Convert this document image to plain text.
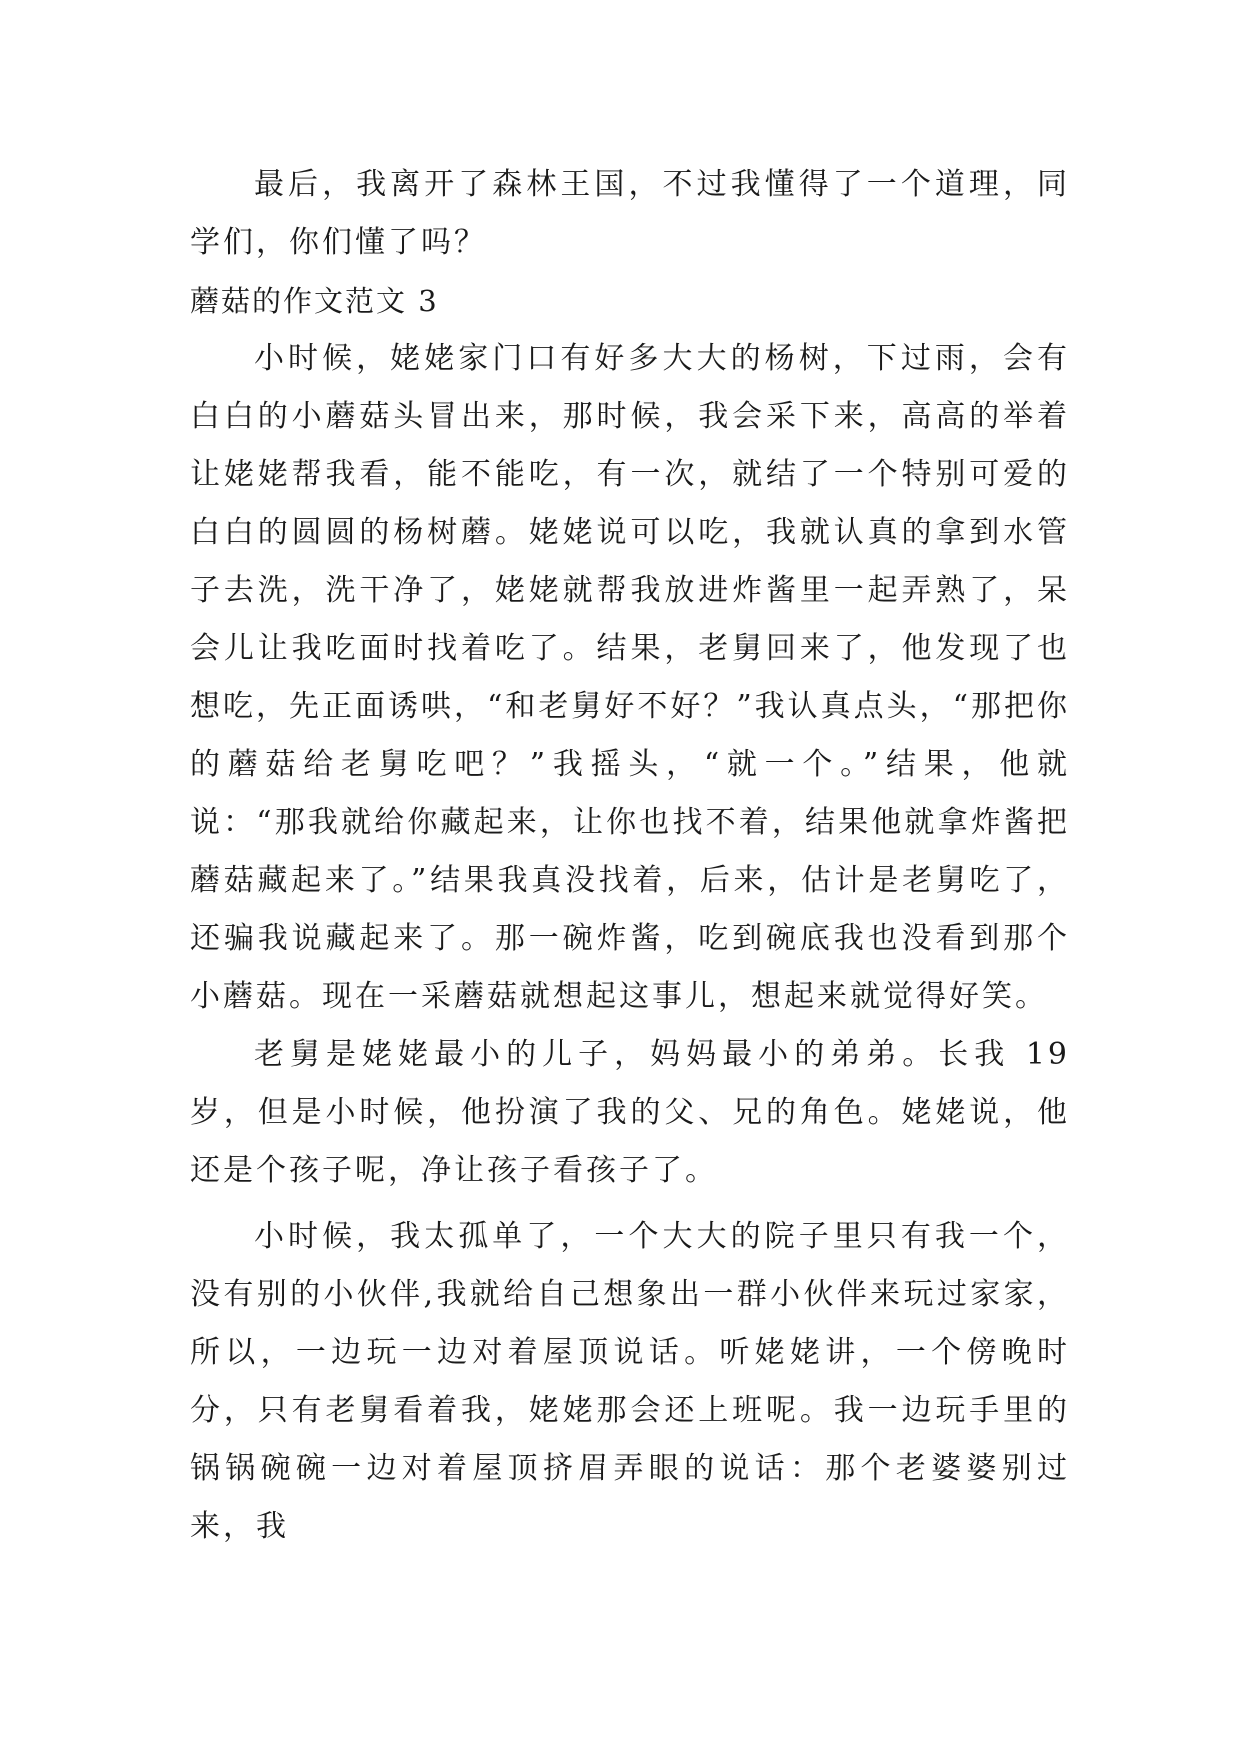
最后，我离开了森林王国，不过我懂得了一个道理，同学们，你们懂了吗？

蘑菇的作文范文 3

小时候，姥姥家门口有好多大大的杨树，下过雨，会有白白的小蘑菇头冒出来，那时候，我会采下来，高高的举着让姥姥帮我看，能不能吃，有一次，就结了一个特别可爱的白白的圆圆的杨树蘑。姥姥说可以吃，我就认真的拿到水管子去洗，洗干净了，姥姥就帮我放进炸酱里一起弄熟了，呆会儿让我吃面时找着吃了。结果，老舅回来了，他发现了也想吃，先正面诱哄，“和老舅好不好？”我认真点头，“那把你的蘑菇给老舅吃吧？”我摇头，“就一个。”结果，他就说：“那我就给你藏起来，让你也找不着，结果他就拿炸酱把蘑菇藏起来了。”结果我真没找着，后来，估计是老舅吃了，还骗我说藏起来了。那一碗炸酱，吃到碗底我也没看到那个小蘑菇。现在一采蘑菇就想起这事儿，想起来就觉得好笑。

老舅是姥姥最小的儿子，妈妈最小的弟弟。长我 19 岁，但是小时候，他扮演了我的父、兄的角色。姥姥说，他还是个孩子呢，净让孩子看孩子了。

小时候，我太孤单了，一个大大的院子里只有我一个，没有别的小伙伴,我就给自己想象出一群小伙伴来玩过家家，所以，一边玩一边对着屋顶说话。听姥姥讲，一个傍晚时分，只有老舅看着我，姥姥那会还上班呢。我一边玩手里的锅锅碗碗一边对着屋顶挤眉弄眼的说话：那个老婆婆别过来，我
